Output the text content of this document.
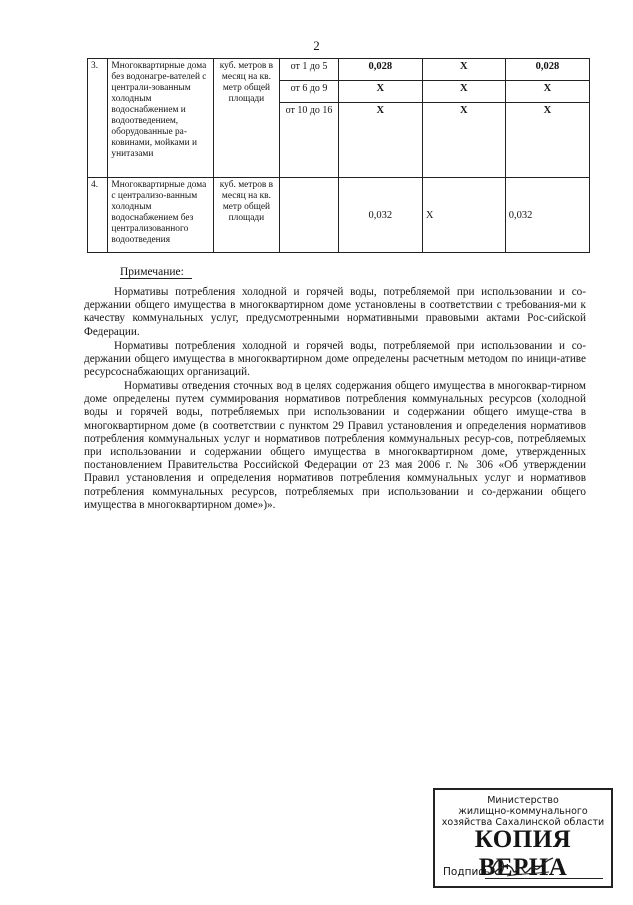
2
3.	Многоквартирные дома без водонагре-вателей с централи-зованным холодным водоснабжением и водоотведением, оборудованные ра-ковинами, мойками и унитазами	куб. метров в месяц на кв. метр общей площади	от 1 до 5	0,028	Х	0,028
			от 6 до 9	Х	Х	Х
			от 10 до 16	Х	Х	Х
4.	Многоквартирные дома с централизо-ванным холодным водоснабжением без централизованного водоотведения	куб. метров в месяц на кв. метр общей площади		0,032	Х	0,032
Примечание:

Нормативы потребления холодной и горячей воды, потребляемой при использовании и со-держании общего имущества в многоквартирном доме установлены в соответствии с требования-ми к качеству коммунальных услуг, предусмотренными нормативными правовыми актами Рос-сийской Федерации.

Нормативы потребления холодной и горячей воды, потребляемой при использовании и со-держании общего имущества в многоквартирном доме определены расчетным методом по иници-ативе ресурсоснабжающих организаций.

Нормативы отведения сточных вод в целях содержания общего имущества в многоквар-тирном доме определены путем суммирования нормативов потребления коммунальных ресурсов (холодной воды и горячей воды, потребляемых при использовании и содержании общего имуще-ства в многоквартирном доме (в соответствии с пунктом 29 Правил установления и определения нормативов потребления коммунальных услуг и нормативов потребления коммунальных ресур-сов, потребляемых при использовании и содержании общего имущества в многоквартирном доме, утвержденных постановлением Правительства Российской Федерации от 23 мая 2006 г. № 306 «Об утверждении Правил установления и определения нормативов потребления коммунальных услуг и нормативов потребления коммунальных ресурсов, потребляемых при использовании и со-держании общего имущества в многоквартирном доме»)».

Министерство
жилищно-коммунального
хозяйства Сахалинской области
КОПИЯ ВЕРНА
Подпись
